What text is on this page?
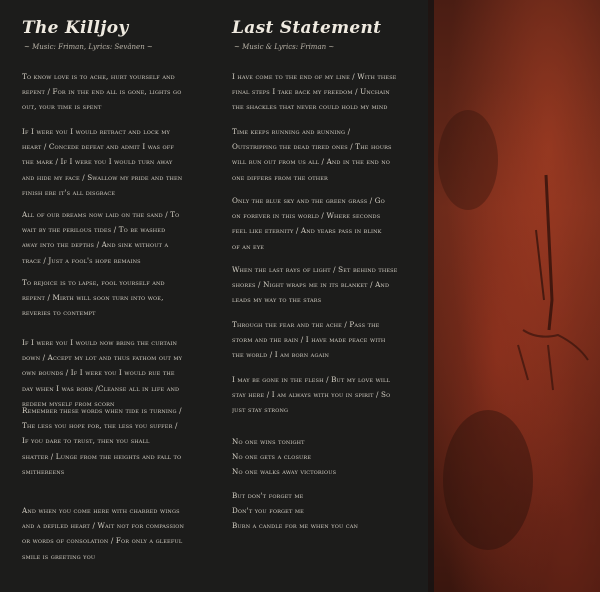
The Killjoy
~ Music: Friman, Lyrics: Sevänen ~
To know love is to ache, hurt yourself and
repent / For in the end all is gone, lights go
out, your time is spent
If I were you I would retract and lock my
heart / Concede defeat and admit I was off
the mark / If I were you I would turn away
and hide my face / Swallow my pride and then
finish ere it's all disgrace
All of our dreams now laid on the sand / To
wait by the perilous tides / To be washed
away into the depths / And sink without a
trace / Just a fool's hope remains
To rejoice is to lapse, fool yourself and
repent / Mirth will soon turn into woe,
reveries to contempt
If I were you I would now bring the curtain
down / Accept my lot and thus fathom out my
own bounds / If I were you I would rue the
day when I was born /Cleanse all in life and
redeem myself from scorn
Remember these words when tide is turning /
The less you hope for, the less you suffer /
If you dare to trust, then you shall
shatter / Lunge from the heights and fall to
smithereens
And when you come here with charred wings
and a defiled heart / Wait not for compassion
or words of consolation / For only a gleeful
smile is greeting you
Last Statement
~ Music & Lyrics: Friman ~
I have come to the end of my line / With these
final steps I take back my freedom / Unchain
the shackles that never could hold my mind
Time keeps running and running /
Outstripping the dead tired ones / The hours
will run out from us all / And in the end no
one differs from the other
Only the blue sky and the green grass / Go
on forever in this world / Where seconds
feel like eternity / And years pass in blink
of an eye
When the last rays of light / Set behind these
shores / Night wraps me in its blanket / And
leads my way to the stars
Through the fear and the ache / Pass the
storm and the rain / I have made peace with
the world / I am born again
I may be gone in the flesh / But my love will
stay here / I am always with you in spirit / So
just stay strong
No one wins tonight
No one gets a closure
No one walks away victorious
But don't forget me
Don't you forget me
Burn a candle for me when you can
